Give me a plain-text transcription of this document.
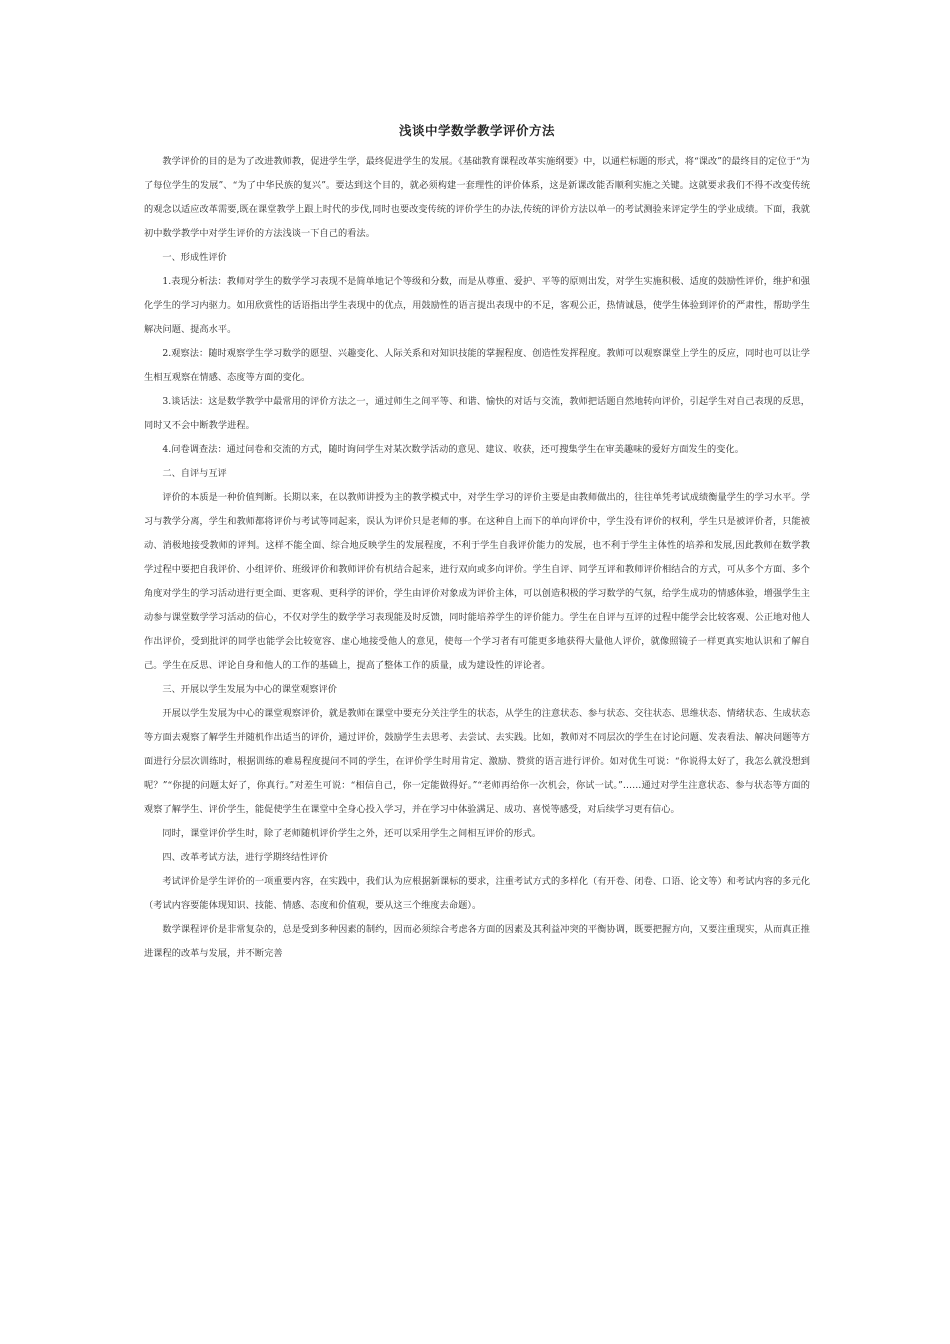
浅谈中学数学教学评价方法

教学评价的目的是为了改进教师教，促进学生学，最终促进学生的发展。《基础教育课程改革实施纲要》中，以通栏标题的形式，将“课改”的最终目的定位于“为了每位学生的发展”、“为了中华民族的复兴”。要达到这个目的，就必须构建一套理性的评价体系，这是新课改能否顺利实施之关键。这就要求我们不得不改变传统的观念以适应改革需要,既在课堂教学上跟上时代的步伐,同时也要改变传统的评价学生的办法,传统的评价方法以单一的考试测验来评定学生的学业成绩。下面，我就初中数学教学中对学生评价的方法浅谈一下自己的看法。

一、形成性评价

1.表现分析法：教师对学生的数学学习表现不是简单地记个等级和分数，而是从尊重、爱护、平等的原则出发，对学生实施积极、适度的鼓励性评价，维护和强化学生的学习内驱力。如用欣赏性的话语指出学生表现中的优点，用鼓励性的语言提出表现中的不足，客观公正，热情诚恳，使学生体验到评价的严肃性，帮助学生解决问题、提高水平。

2.观察法：随时观察学生学习数学的愿望、兴趣变化、人际关系和对知识技能的掌握程度、创造性发挥程度。教师可以观察课堂上学生的反应，同时也可以让学生相互观察在情感、态度等方面的变化。

3.谈话法：这是数学教学中最常用的评价方法之一，通过师生之间平等、和谐、愉快的对话与交流，教师把话题自然地转向评价，引起学生对自己表现的反思，同时又不会中断教学进程。

4.问卷调查法：通过问卷和交流的方式，随时询问学生对某次数学活动的意见、建议、收获，还可搜集学生在审美趣味的爱好方面发生的变化。

二、自评与互评

评价的本质是一种价值判断。长期以来，在以教师讲授为主的教学模式中，对学生学习的评价主要是由教师做出的，往往单凭考试成绩衡量学生的学习水平。学习与教学分离，学生和教师都将评价与考试等同起来，误认为评价只是老师的事。在这种自上而下的单向评价中，学生没有评价的权利，学生只是被评价者，只能被动、消极地接受教师的评判。这样不能全面、综合地反映学生的发展程度，不利于学生自我评价能力的发展，也不利于学生主体性的培养和发展,因此教师在数学教学过程中要把自我评价、小组评价、班级评价和教师评价有机结合起来，进行双向或多向评价。学生自评、同学互评和教师评价相结合的方式，可从多个方面、多个角度对学生的学习活动进行更全面、更客观、更科学的评价，学生由评价对象成为评价主体，可以创造积极的学习数学的气氛，给学生成功的情感体验，增强学生主动参与课堂数学学习活动的信心，不仅对学生的数学学习表现能及时反馈，同时能培养学生的评价能力。学生在自评与互评的过程中能学会比较客观、公正地对他人作出评价，受到批评的同学也能学会比较宽容、虚心地接受他人的意见，使每一个学习者有可能更多地获得大量他人评价，就像照镜子一样更真实地认识和了解自己。学生在反思、评论自身和他人的工作的基础上，提高了整体工作的质量，成为建设性的评论者。

三、开展以学生发展为中心的课堂观察评价

开展以学生发展为中心的课堂观察评价，就是教师在课堂中要充分关注学生的状态，从学生的注意状态、参与状态、交往状态、思维状态、情绪状态、生成状态等方面去观察了解学生并随机作出适当的评价，通过评价，鼓励学生去思考、去尝试、去实践。比如，教师对不同层次的学生在讨论问题、发表看法、解决问题等方面进行分层次训练时，根据训练的难易程度提问不同的学生，在评价学生时用肯定、激励、赞赏的语言进行评价。如对优生可说：“你说得太好了，我怎么就没想到呢？”“你提的问题太好了，你真行。”对差生可说：“相信自己，你一定能做得好。”“老师再给你一次机会，你试一试。”……通过对学生注意状态、参与状态等方面的观察了解学生、评价学生，能促使学生在课堂中全身心投入学习，并在学习中体验满足、成功、喜悦等感受，对后续学习更有信心。

同时，课堂评价学生时，除了老师随机评价学生之外，还可以采用学生之间相互评价的形式。

四、改革考试方法，进行学期终结性评价

考试评价是学生评价的一项重要内容，在实践中，我们认为应根据新课标的要求，注重考试方式的多样化（有开卷、闭卷、口语、论文等）和考试内容的多元化（考试内容要能体现知识、技能、情感、态度和价值观，要从这三个维度去命题）。

数学课程评价是非常复杂的，总是受到多种因素的制约，因而必须综合考虑各方面的因素及其利益冲突的平衡协调，既要把握方向，又要注重现实，从而真正推进课程的改革与发展，并不断完善
